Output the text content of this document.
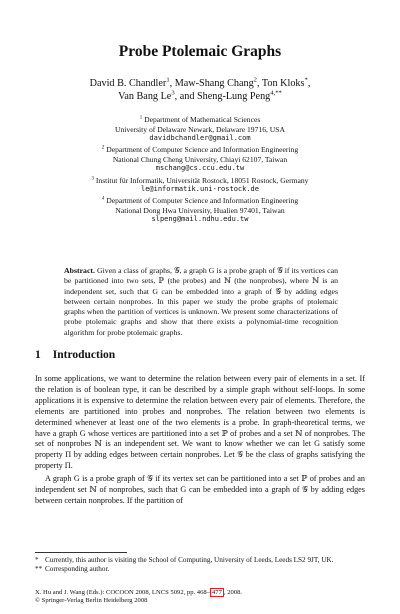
Probe Ptolemaic Graphs
David B. Chandler$^1$, Maw-Shang Chang$^2$, Ton Kloks*,
Van Bang Le$^3$, and Sheng-Lung Peng$^{4,**}$
$^1$ Department of Mathematical Sciences
University of Delaware Newark, Delaware 19716, USA
davidbchandler@gmail.com
$^2$ Department of Computer Science and Information Engineering
National Chung Cheng University, Chiayi 62107, Taiwan
mschang@cs.ccu.edu.tw
$^3$ Institut für Informatik, Universität Rostock, 18051 Rostock, Germany
le@informatik.uni-rostock.de
$^4$ Department of Computer Science and Information Engineering
National Dong Hwa University, Hualien 97401, Taiwan
slpeng@mail.ndhu.edu.tw
Abstract. Given a class of graphs, 𝒢, a graph G is a probe graph of 𝒢 if its vertices can be partitioned into two sets, ℙ (the probes) and ℕ (the nonprobes), where ℕ is an independent set, such that G can be embedded into a graph of 𝒢 by adding edges between certain nonprobes. In this paper we study the probe graphs of ptolemaic graphs when the partition of vertices is unknown. We present some characterizations of probe ptolemaic graphs and show that there exists a polynomial-time recognition algorithm for probe ptolemaic graphs.
1 Introduction

In some applications, we want to determine the relation between every pair of elements in a set. If the relation is of boolean type, it can be described by a simple graph without self-loops. In some applications it is expensive to determine the relation between every pair of elements. Therefore, the elements are partitioned into probes and nonprobes. The relation between two elements is determined whenever at least one of the two elements is a probe. In graph-theoretical terms, we have a graph G whose vertices are partitioned into a set ℙ of probes and a set ℕ of nonprobes. The set of nonprobes ℕ is an independent set. We want to know whether we can let G satisfy some property Π by adding edges between certain nonprobes. Let 𝒢 be the class of graphs satisfying the property Π.

A graph G is a probe graph of 𝒢 if its vertex set can be partitioned into a set ℙ of probes and an independent set ℕ of nonprobes, such that G can be embedded into a graph of 𝒢 by adding edges between certain nonprobes. If the partition of

* Currently, this author is visiting the School of Computing, University of Leeds, Leeds LS2 9JT, UK.
** Corresponding author.
X. Hu and J. Wang (Eds.): COCOON 2008, LNCS 5092, pp. 468– 477 , 2008.
© Springer-Verlag Berlin Heidelberg 2008
